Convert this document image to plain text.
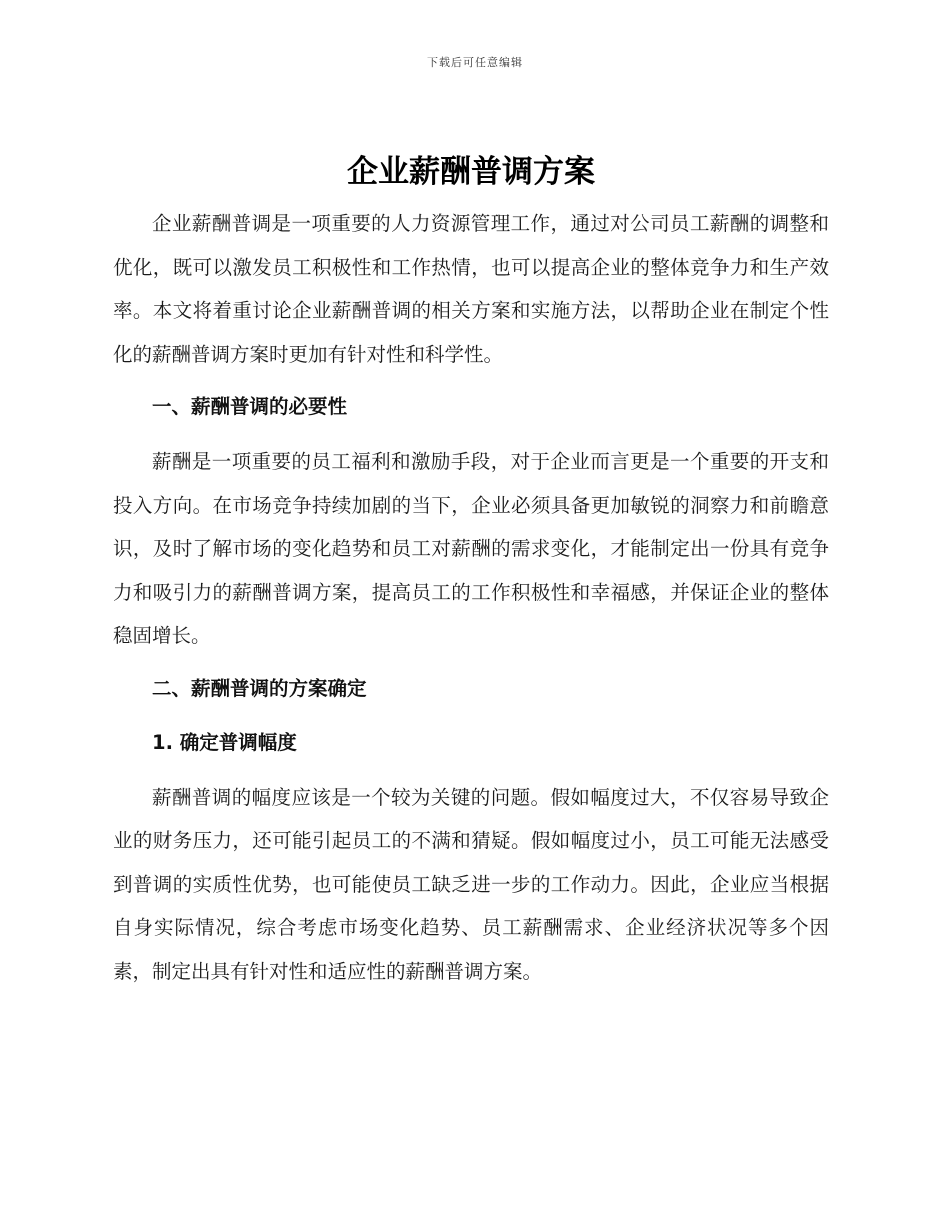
下载后可任意编辑
企业薪酬普调方案

企业薪酬普调是一项重要的人力资源管理工作，通过对公司员工薪酬的调整和优化，既可以激发员工积极性和工作热情，也可以提高企业的整体竞争力和生产效率。本文将着重讨论企业薪酬普调的相关方案和实施方法，以帮助企业在制定个性化的薪酬普调方案时更加有针对性和科学性。

一、薪酬普调的必要性

薪酬是一项重要的员工福利和激励手段，对于企业而言更是一个重要的开支和投入方向。在市场竞争持续加剧的当下，企业必须具备更加敏锐的洞察力和前瞻意识，及时了解市场的变化趋势和员工对薪酬的需求变化，才能制定出一份具有竞争力和吸引力的薪酬普调方案，提高员工的工作积极性和幸福感，并保证企业的整体稳固增长。

二、薪酬普调的方案确定
1. 确定普调幅度

薪酬普调的幅度应该是一个较为关键的问题。假如幅度过大，不仅容易导致企业的财务压力，还可能引起员工的不满和猜疑。假如幅度过小，员工可能无法感受到普调的实质性优势，也可能使员工缺乏进一步的工作动力。因此，企业应当根据自身实际情况，综合考虑市场变化趋势、员工薪酬需求、企业经济状况等多个因素，制定出具有针对性和适应性的薪酬普调方案。
